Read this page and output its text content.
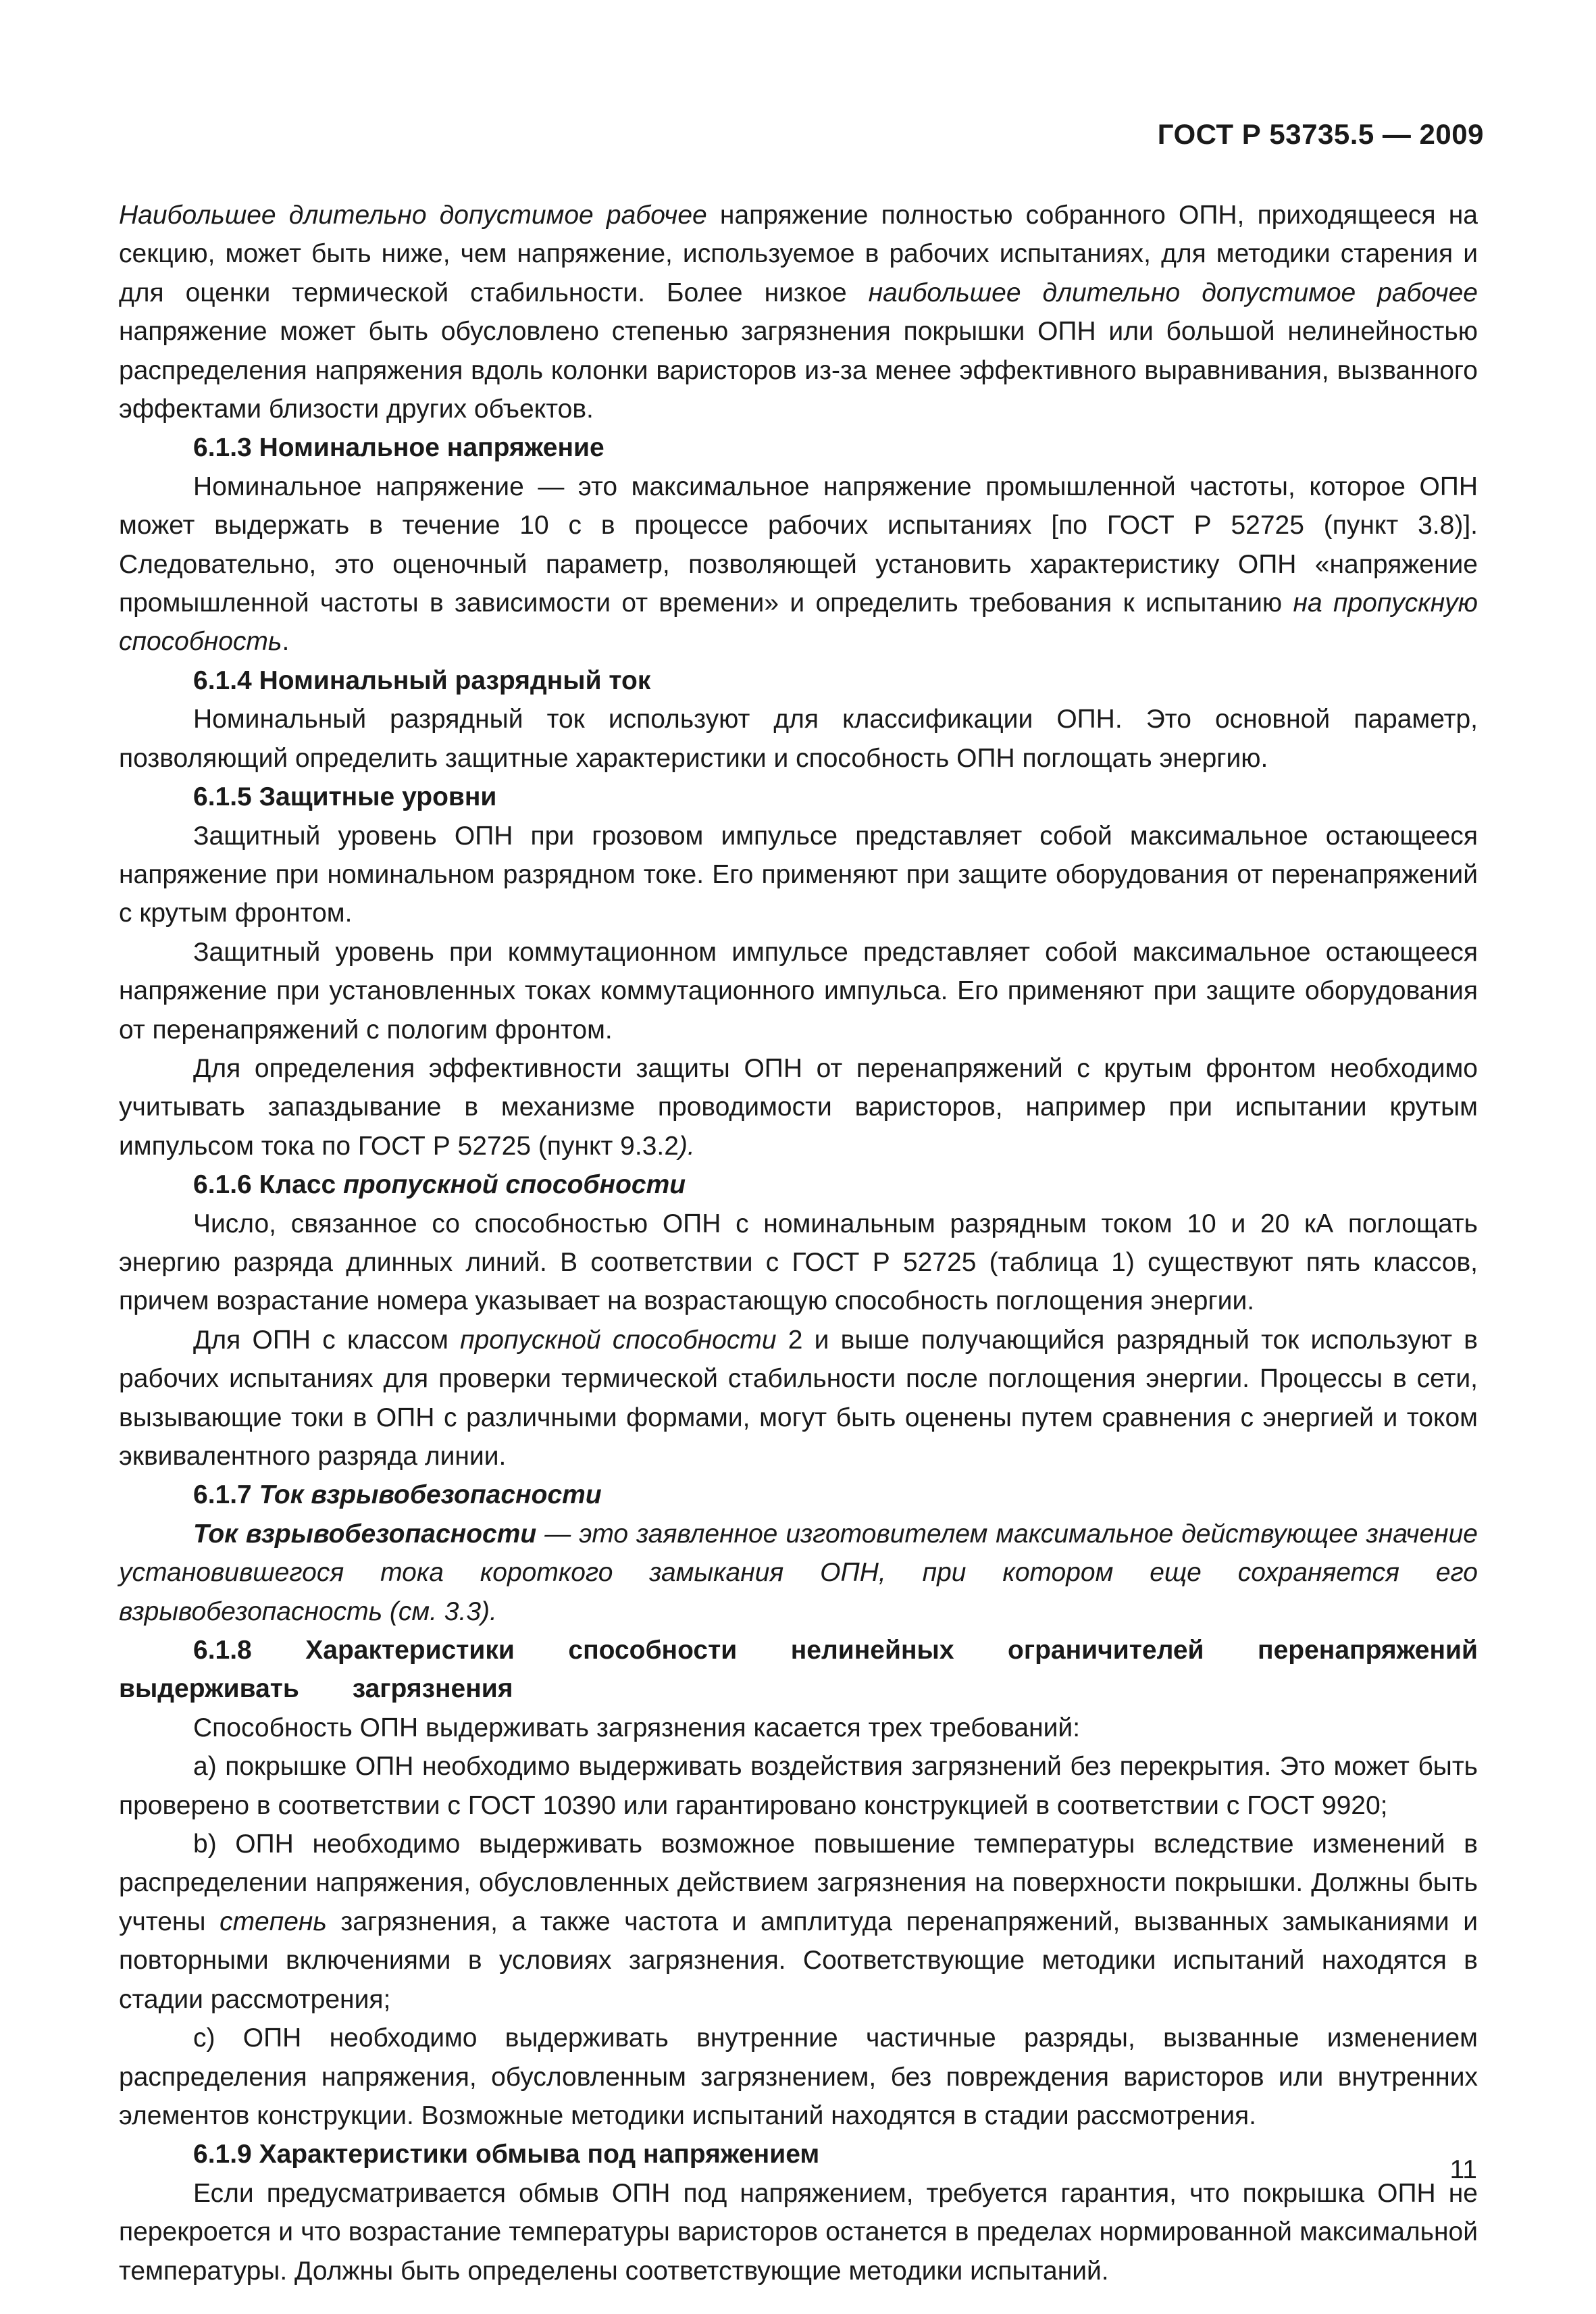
ГОСТ Р 53735.5 — 2009

Наибольшее длительно допустимое рабочее напряжение полностью собранного ОПН, приходящееся на секцию, может быть ниже, чем напряжение, используемое в рабочих испытаниях, для методики старения и для оценки термической стабильности. Более низкое наибольшее длительно допустимое рабочее напряжение может быть обусловлено степенью загрязнения покрышки ОПН или большой нелинейностью распределения напряжения вдоль колонки варисторов из-за менее эффективного выравнивания, вызванного эффектами близости других объектов.

6.1.3 Номинальное напряжение

Номинальное напряжение — это максимальное напряжение промышленной частоты, которое ОПН может выдержать в течение 10 с в процессе рабочих испытаниях [по ГОСТ Р 52725 (пункт 3.8)]. Следовательно, это оценочный параметр, позволяющей установить характеристику ОПН «напряжение промышленной частоты в зависимости от времени» и определить требования к испытанию на пропускную способность.

6.1.4 Номинальный разрядный ток

Номинальный разрядный ток используют для классификации ОПН. Это основной параметр, позволяющий определить защитные характеристики и способность ОПН поглощать энергию.

6.1.5 Защитные уровни

Защитный уровень ОПН при грозовом импульсе представляет собой максимальное остающееся напряжение при номинальном разрядном токе. Его применяют при защите оборудования от перенапряжений с крутым фронтом.

Защитный уровень при коммутационном импульсе представляет собой максимальное остающееся напряжение при установленных токах коммутационного импульса. Его применяют при защите оборудования от перенапряжений с пологим фронтом.

Для определения эффективности защиты ОПН от перенапряжений с крутым фронтом необходимо учитывать запаздывание в механизме проводимости варисторов, например при испытании крутым импульсом тока по ГОСТ Р 52725 (пункт 9.3.2).

6.1.6 Класс пропускной способности

Число, связанное со способностью ОПН с номинальным разрядным током 10 и 20 кА поглощать энергию разряда длинных линий. В соответствии с ГОСТ Р 52725 (таблица 1) существуют пять классов, причем возрастание номера указывает на возрастающую способность поглощения энергии.

Для ОПН с классом пропускной способности 2 и выше получающийся разрядный ток используют в рабочих испытаниях для проверки термической стабильности после поглощения энергии. Процессы в сети, вызывающие токи в ОПН с различными формами, могут быть оценены путем сравнения с энергией и током эквивалентного разряда линии.

6.1.7 Ток взрывобезопасности

Ток взрывобезопасности — это заявленное изготовителем максимальное действующее значение установившегося тока короткого замыкания ОПН, при котором еще сохраняется его взрывобезопасность (см. 3.3).

6.1.8 Характеристики способности нелинейных ограничителей перенапряжений выдерживать загрязнения

Способность ОПН выдерживать загрязнения касается трех требований:

а) покрышке ОПН необходимо выдерживать воздействия загрязнений без перекрытия. Это может быть проверено в соответствии с ГОСТ 10390 или гарантировано конструкцией в соответствии с ГОСТ 9920;

b) ОПН необходимо выдерживать возможное повышение температуры вследствие изменений в распределении напряжения, обусловленных действием загрязнения на поверхности покрышки. Должны быть учтены степень загрязнения, а также частота и амплитуда перенапряжений, вызванных замыканиями и повторными включениями в условиях загрязнения. Соответствующие методики испытаний находятся в стадии рассмотрения;

с) ОПН необходимо выдерживать внутренние частичные разряды, вызванные изменением распределения напряжения, обусловленным загрязнением, без повреждения варисторов или внутренних элементов конструкции. Возможные методики испытаний находятся в стадии рассмотрения.

6.1.9 Характеристики обмыва под напряжением

Если предусматривается обмыв ОПН под напряжением, требуется гарантия, что покрышка ОПН не перекроется и что возрастание температуры варисторов останется в пределах нормированной максимальной температуры. Должны быть определены соответствующие методики испытаний.

11
